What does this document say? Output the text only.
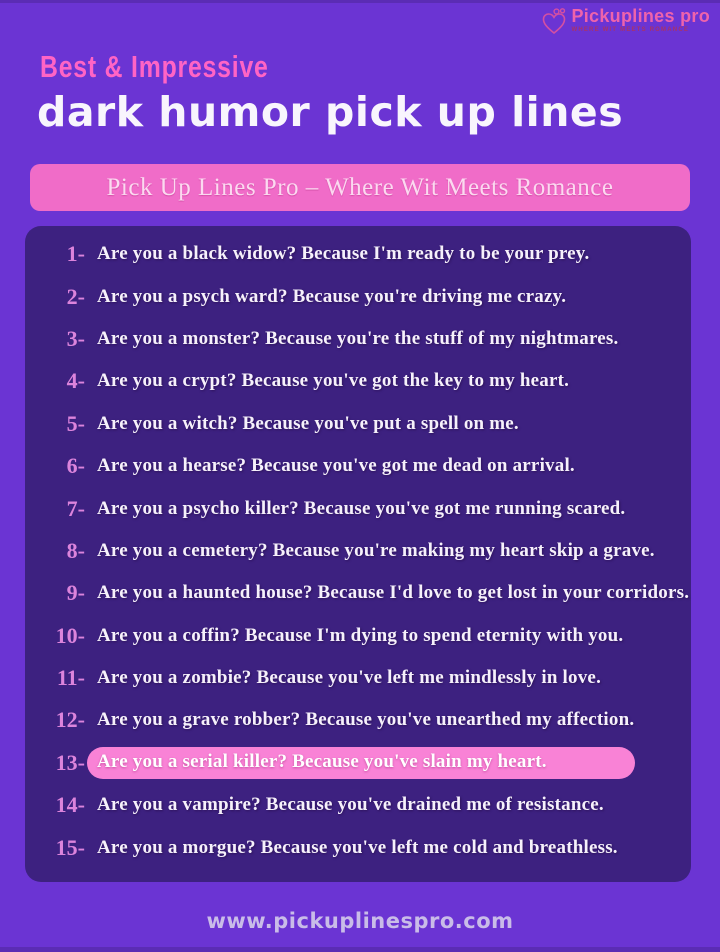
Pickuplines pro
WHERE WIT MEETS ROMANCE
Best & Impressive
dark humor pick up lines
Pick Up Lines Pro – Where Wit Meets Romance
1- Are you a black widow? Because I'm ready to be your prey.
2- Are you a psych ward? Because you're driving me crazy.
3- Are you a monster? Because you're the stuff of my nightmares.
4- Are you a crypt? Because you've got the key to my heart.
5- Are you a witch? Because you've put a spell on me.
6- Are you a hearse? Because you've got me dead on arrival.
7- Are you a psycho killer? Because you've got me running scared.
8- Are you a cemetery? Because you're making my heart skip a grave.
9- Are you a haunted house? Because I'd love to get lost in your corridors.
10- Are you a coffin? Because I'm dying to spend eternity with you.
11- Are you a zombie? Because you've left me mindlessly in love.
12- Are you a grave robber? Because you've unearthed my affection.
13- Are you a serial killer? Because you've slain my heart.
14- Are you a vampire? Because you've drained me of resistance.
15- Are you a morgue? Because you've left me cold and breathless.
www.pickuplinespro.com
